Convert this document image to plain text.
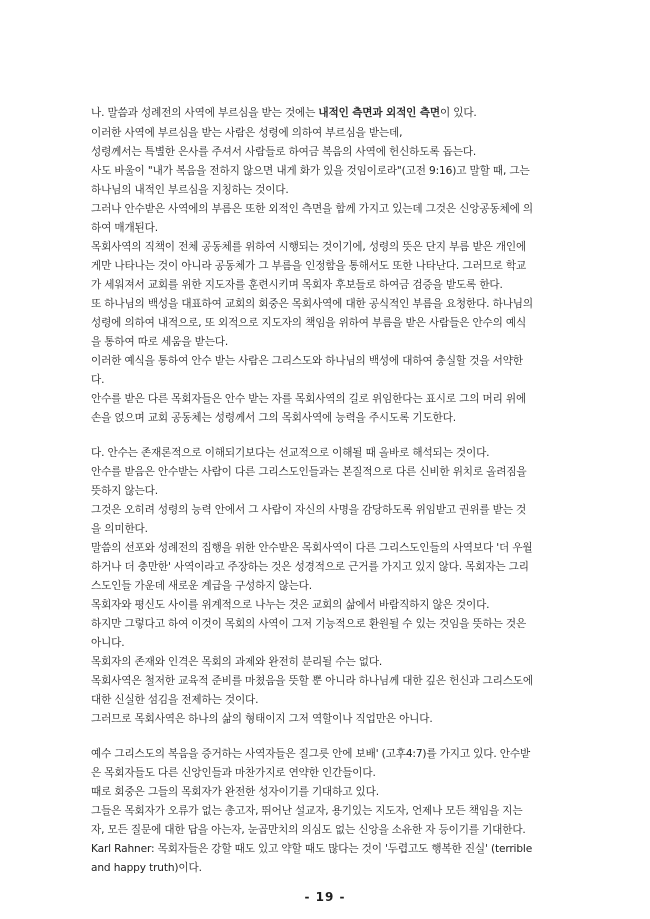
나. 말씀과 성례전의 사역에 부르심을 받는 것에는 내적인 측면과 외적인 측면이 있다.
이러한 사역에 부르심을 받는 사람은 성령에 의하여 부르심을 받는데,
성령께서는 특별한 은사를 주셔서 사람들로 하여금 복음의 사역에 헌신하도록 돕는다.
사도 바울이 "내가 복음을 전하지 않으면 내게 화가 있을 것임이로라"(고전 9:16)고 말할 때, 그는
하나님의 내적인 부르심을 지칭하는 것이다.
그러나 안수받은 사역에의 부름은 또한 외적인 측면을 함께 가지고 있는데 그것은 신앙공동체에 의
하여 매개된다.
목회사역의 직책이 전체 공동체를 위하여 시행되는 것이기에, 성령의 뜻은 단지 부름 받은 개인에
게만 나타나는 것이 아니라 공동체가 그 부름을 인정함을 통해서도 또한 나타난다. 그러므로 학교
가 세워져서 교회를 위한 지도자를 훈련시키며 목회자 후보들로 하여금 검증을 받도록 한다.
또 하나님의 백성을 대표하여 교회의 회중은 목회사역에 대한 공식적인 부름을 요청한다. 하나님의
성령에 의하여 내적으로, 또 외적으로 지도자의 책임을 위하여 부름을 받은 사람들은 안수의 예식
을 통하여 따로 세움을 받는다.
이러한 예식을 통하여 안수 받는 사람은 그리스도와 하나님의 백성에 대하여 충실할 것을 서약한
다.
안수를 받은 다른 목회자들은 안수 받는 자를 목회사역의 길로 위임한다는 표시로 그의 머리 위에
손을 얹으며 교회 공동체는 성령께서 그의 목회사역에 능력을 주시도록 기도한다.
다. 안수는 존재론적으로 이해되기보다는 선교적으로 이해될 때 올바로 해석되는 것이다.
안수를 받음은 안수받는 사람이 다른 그리스도인들과는 본질적으로 다른 신비한 위치로 올려짐을
뜻하지 않는다.
그것은 오히려 성령의 능력 안에서 그 사람이 자신의 사명을 감당하도록 위임받고 권위를 받는 것
을 의미한다.
말씀의 선포와 성례전의 집행을 위한 안수받은 목회사역이 다른 그리스도인들의 사역보다 '더 우월
하거나 더 충만한' 사역이라고 주장하는 것은 성경적으로 근거를 가지고 있지 않다. 목회자는 그리
스도인들 가운데 새로운 계급을 구성하지 않는다.
목회자와 평신도 사이를 위계적으로 나누는 것은 교회의 삶에서 바람직하지 않은 것이다.
하지만 그렇다고 하여 이것이 목회의 사역이 그저 기능적으로 환원될 수 있는 것임을 뜻하는 것은
아니다.
목회자의 존재와 인격은 목회의 과제와 완전히 분리될 수는 없다.
목회사역은 철저한 교육적 준비를 마쳤음을 뜻할 뿐 아니라 하나님께 대한 깊은 헌신과 그리스도에
대한 신실한 섬김을 전제하는 것이다.
그러므로 목회사역은 하나의 삶의 형태이지 그저 역할이나 직업만은 아니다.
예수 그리스도의 복음을 증거하는 사역자들은 질그릇 안에 보배' (고후4:7)를 가지고 있다. 안수받
은 목회자들도 다른 신앙인들과 마찬가지로 연약한 인간들이다.
때로 회중은 그들의 목회자가 완전한 성자이기를 기대하고 있다.
그들은 목회자가 오류가 없는 총고자, 뛰어난 설교자, 용기있는 지도자, 언제나 모든 책임을 지는
자, 모든 질문에 대한 답을 아는자, 눈곱만치의 의심도 없는 신앙을 소유한 자 등이기를 기대한다.
Karl Rahner: 목회자들은 강할 때도 있고 약할 때도 많다는 것이 '두렵고도 행복한 진실' (terrible
and happy truth)이다.
- 19 -
